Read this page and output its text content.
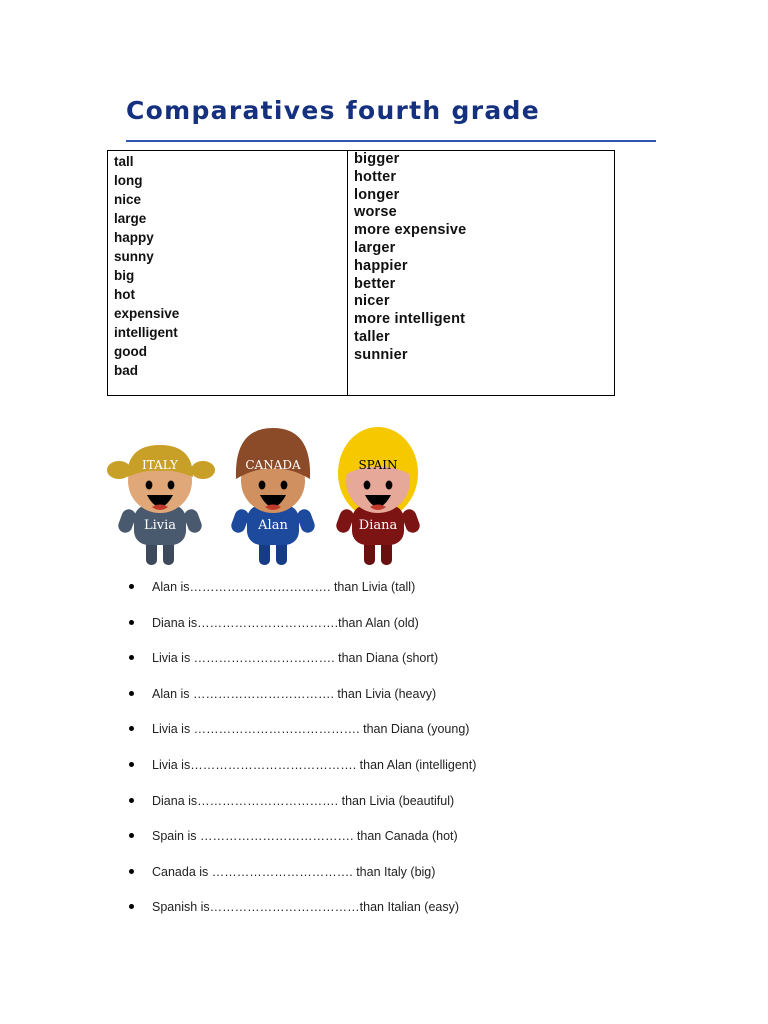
Comparatives fourth grade
tall
long
nice
large
happy
sunny
big
hot
expensive
intelligent
good
bad
bigger
hotter
longer
worse
more expensive
larger
happier
better
nicer
more intelligent
taller
sunnier
ITALY
Livia
CANADA
Alan
SPAIN
Diana
Alan is……………………………. than Livia (tall)
Diana is…………………………….than Alan (old)
Livia is ……………………………. than Diana (short)
Alan is ……………………………. than Livia (heavy)
Livia is …………………………………. than Diana (young)
Livia is…………………………………. than Alan (intelligent)
Diana is……………………………. than Livia (beautiful)
Spain is ………………………………. than Canada (hot)
Canada is ……………………………. than Italy (big)
Spanish is………………………………than Italian (easy)
